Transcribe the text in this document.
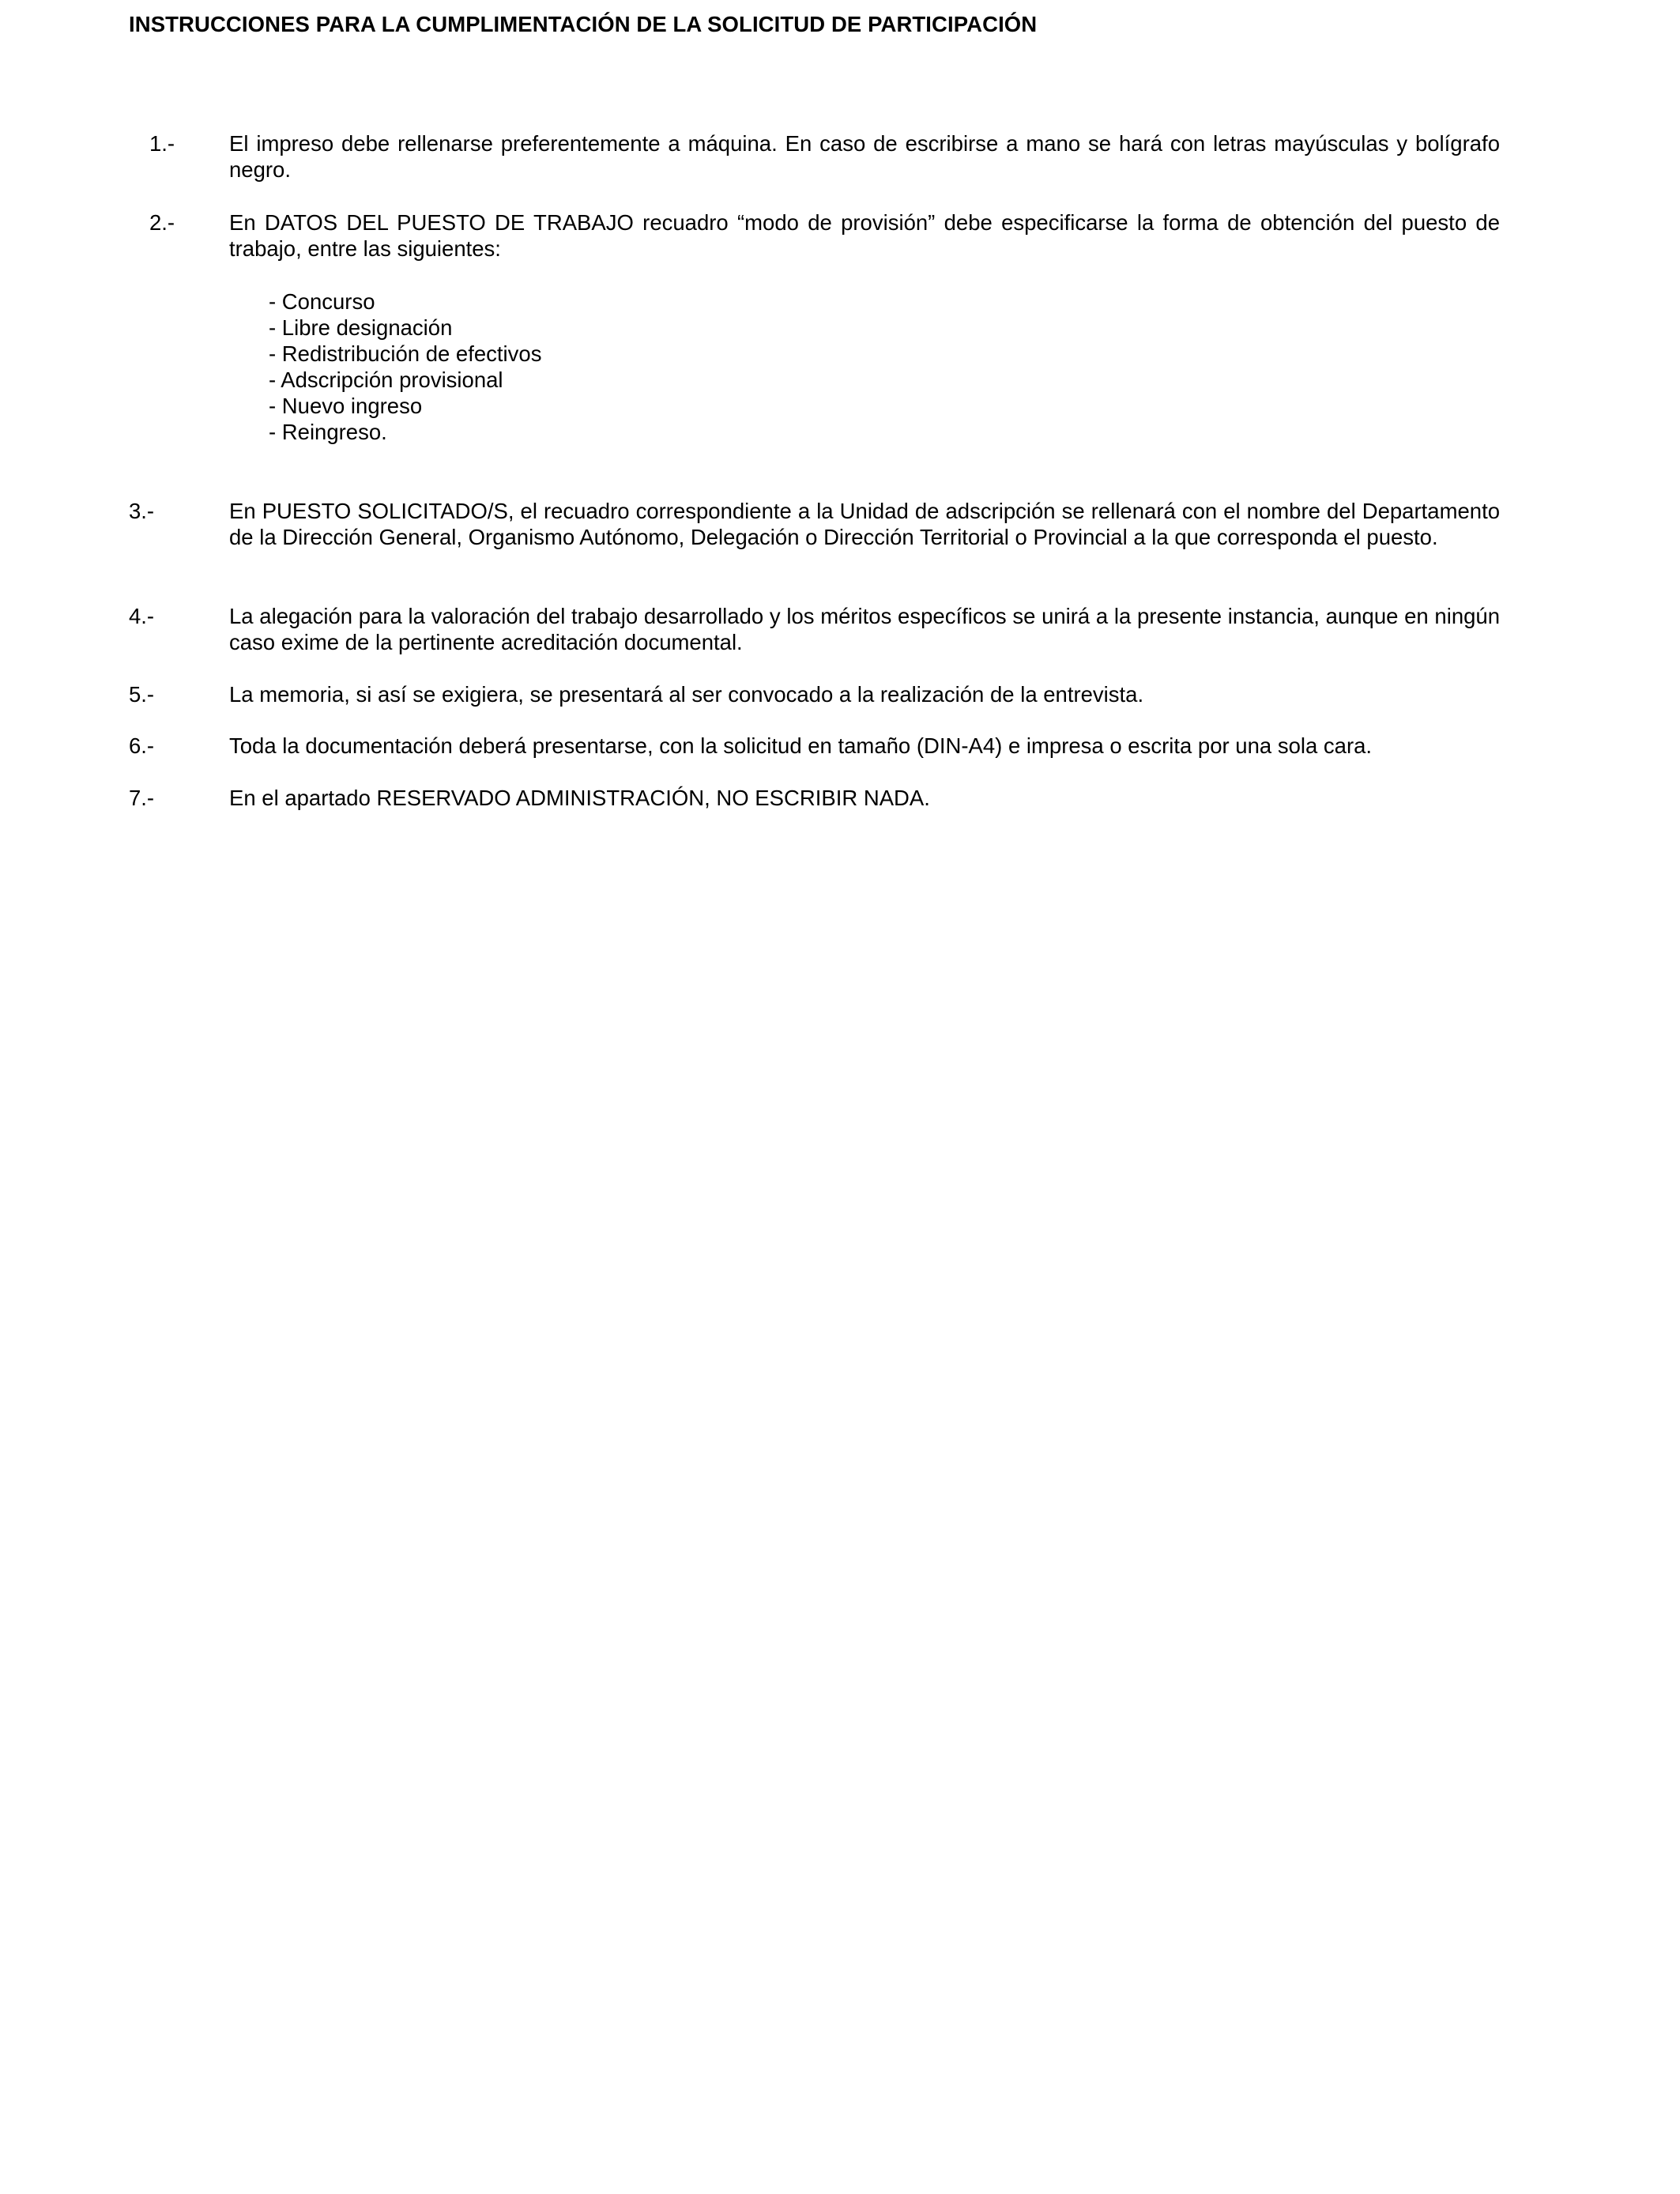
INSTRUCCIONES PARA LA CUMPLIMENTACIÓN DE LA SOLICITUD DE PARTICIPACIÓN
1.-	El impreso debe rellenarse preferentemente a máquina. En caso de escribirse a mano se hará con letras mayúsculas y bolígrafo negro.
2.-	En DATOS DEL PUESTO DE TRABAJO recuadro “modo de provisión” debe especificarse la forma de obtención del puesto de trabajo, entre las siguientes:
- Concurso
- Libre designación
- Redistribución de efectivos
- Adscripción provisional
- Nuevo ingreso
- Reingreso.
3.-	En PUESTO SOLICITADO/S, el recuadro correspondiente a la Unidad de adscripción se rellenará con el nombre del Departamento de la Dirección General, Organismo Autónomo, Delegación o Dirección Territorial o Provincial a la que corresponda el puesto.
4.-	La alegación para la valoración del trabajo desarrollado y los méritos específicos se unirá a la presente instancia, aunque en ningún caso exime de la pertinente acreditación documental.
5.-	La memoria, si así se exigiera, se presentará al ser convocado a la realización de la entrevista.
6.-	Toda la documentación deberá presentarse, con la solicitud en tamaño (DIN-A4) e impresa o escrita por una sola cara.
7.-	En el apartado RESERVADO ADMINISTRACIÓN, NO ESCRIBIR NADA.
